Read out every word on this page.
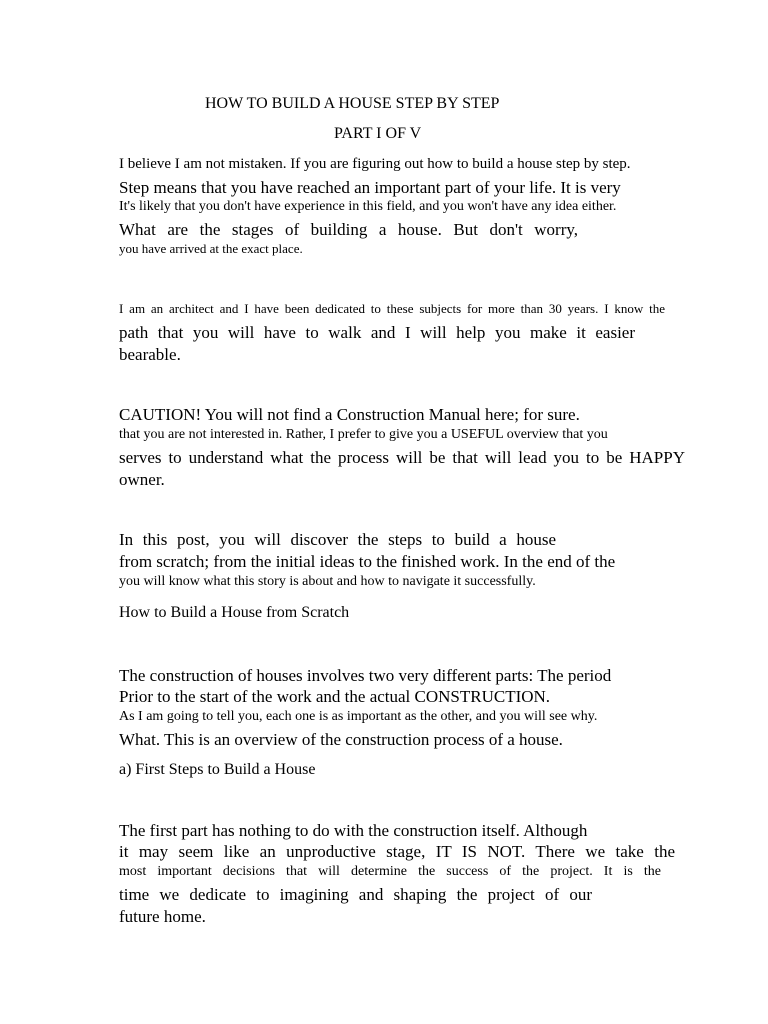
HOW TO BUILD A HOUSE STEP BY STEP
PART I OF V
I believe I am not mistaken. If you are figuring out how to build a house step by step.
Step means that you have reached an important part of your life. It is very
It's likely that you don't have experience in this field, and you won't have any idea either.
What are the stages of building a house. But don't worry,
you have arrived at the exact place.
I am an architect and I have been dedicated to these subjects for more than 30 years. I know the
path that you will have to walk and I will help you make it easier
bearable.
CAUTION! You will not find a Construction Manual here; for sure.
that you are not interested in. Rather, I prefer to give you a USEFUL overview that you
serves to understand what the process will be that will lead you to be HAPPY
owner.
In this post, you will discover the steps to build a house
from scratch; from the initial ideas to the finished work. In the end of the
you will know what this story is about and how to navigate it successfully.
How to Build a House from Scratch
The construction of houses involves two very different parts: The period
Prior to the start of the work and the actual CONSTRUCTION.
As I am going to tell you, each one is as important as the other, and you will see why.
What. This is an overview of the construction process of a house.
a) First Steps to Build a House
The first part has nothing to do with the construction itself. Although
it may seem like an unproductive stage, IT IS NOT. There we take the
most important decisions that will determine the success of the project. It is the
time we dedicate to imagining and shaping the project of our
future home.
